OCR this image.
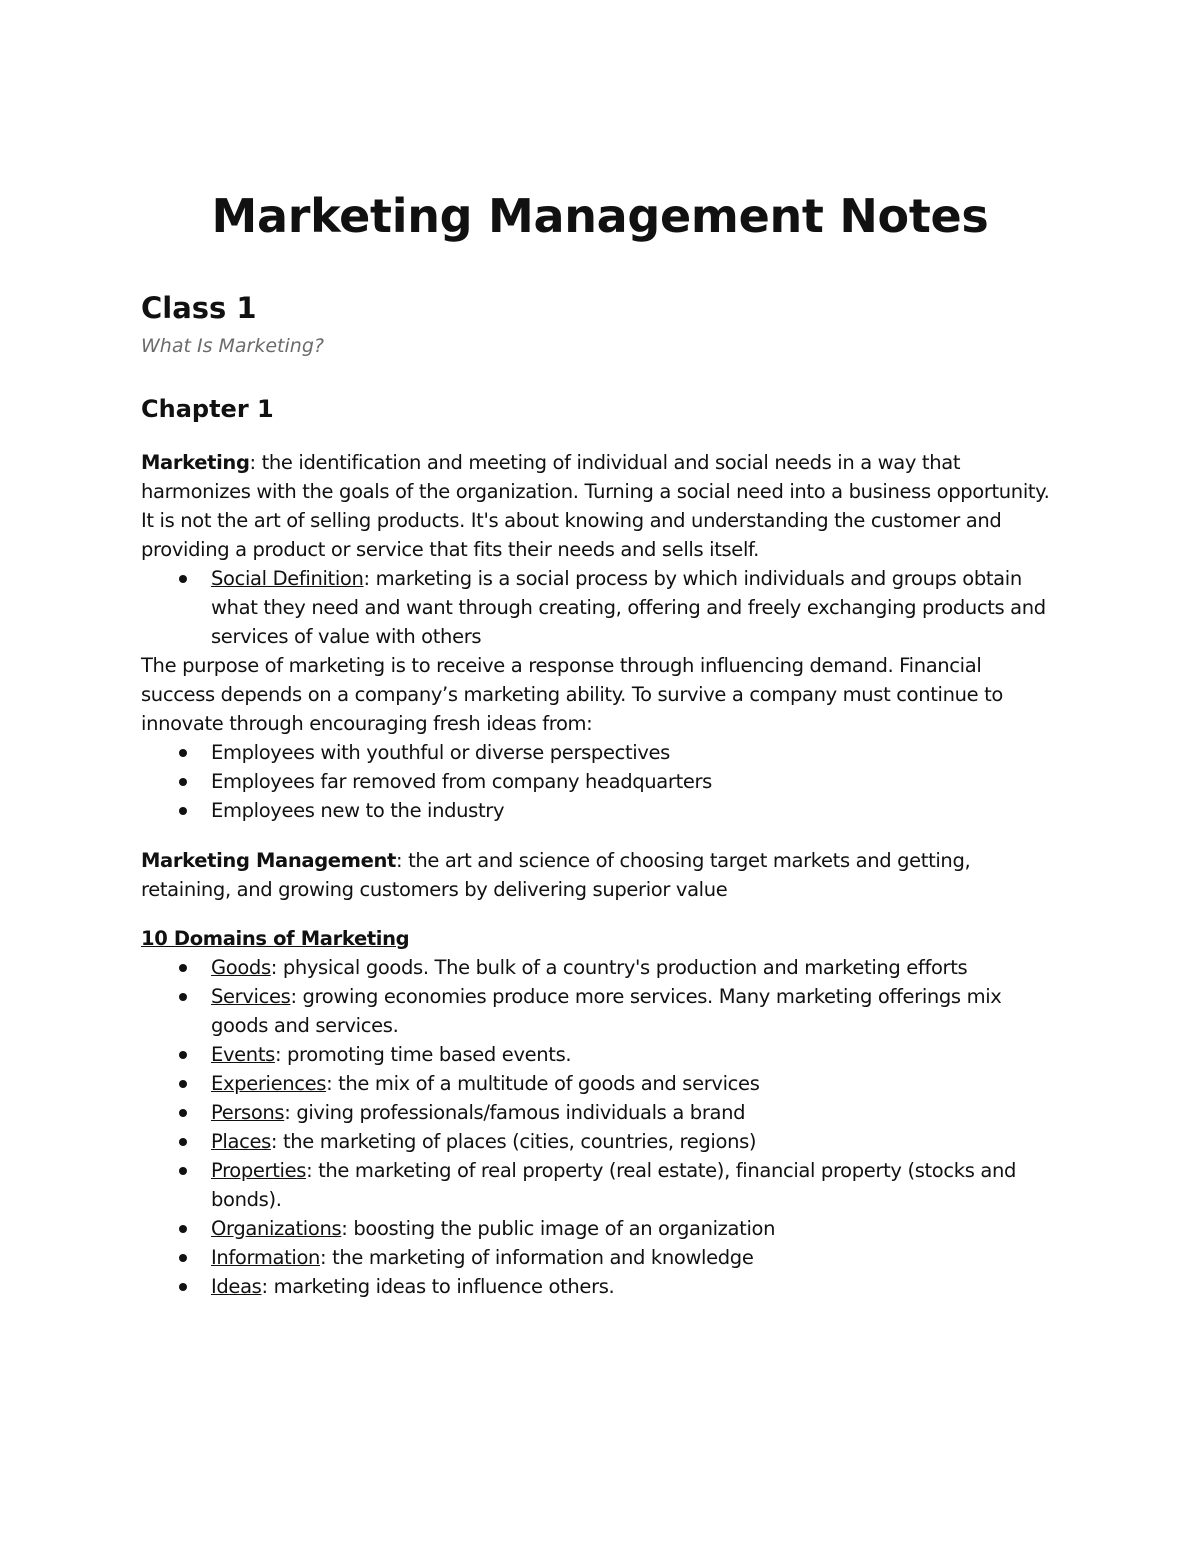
Marketing Management Notes
Class 1

What Is Marketing?

Chapter 1

Marketing: the identification and meeting of individual and social needs in a way that harmonizes with the goals of the organization. Turning a social need into a business opportunity. It is not the art of selling products. It's about knowing and understanding the customer and providing a product or service that fits their needs and sells itself.

Social Definition: marketing is a social process by which individuals and groups obtain what they need and want through creating, offering and freely exchanging products and services of value with others

The purpose of marketing is to receive a response through influencing demand. Financial success depends on a company’s marketing ability. To survive a company must continue to innovate through encouraging fresh ideas from:

Employees with youthful or diverse perspectives
Employees far removed from company headquarters
Employees new to the industry

Marketing Management: the art and science of choosing target markets and getting, retaining, and growing customers by delivering superior value

10 Domains of Marketing

Goods: physical goods. The bulk of a country's production and marketing efforts
Services: growing economies produce more services. Many marketing offerings mix goods and services.
Events: promoting time based events.
Experiences: the mix of a multitude of goods and services
Persons: giving professionals/famous individuals a brand
Places: the marketing of places (cities, countries, regions)
Properties: the marketing of real property (real estate), financial property (stocks and bonds).
Organizations: boosting the public image of an organization
Information: the marketing of information and knowledge
Ideas: marketing ideas to influence others.
